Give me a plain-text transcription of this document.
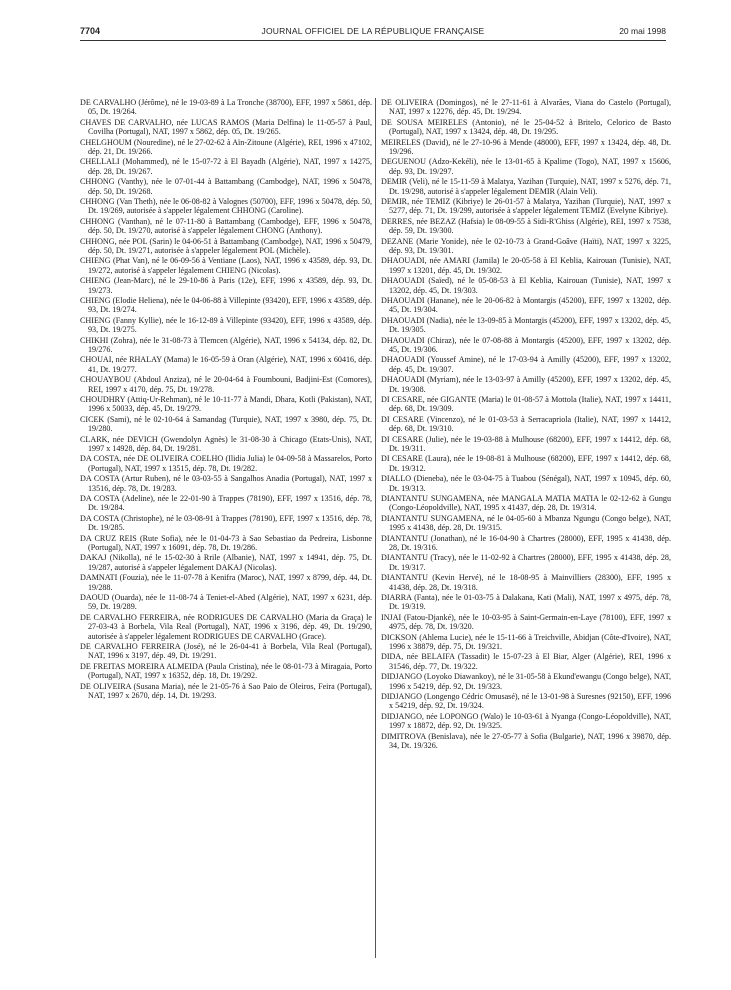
7704	JOURNAL OFFICIEL DE LA RÉPUBLIQUE FRANÇAISE	20 mai 1998

DE CARVALHO (Jérôme), né le 19-03-89 à La Tronche (38700), EFF, 1997 x 5861, dép. 05, Dt. 19/264.

CHAVES DE CARVALHO, née LUCAS RAMOS (Maria Delfina) le 11-05-57 à Paul, Covilha (Portugal), NAT, 1997 x 5862, dép. 05, Dt. 19/265.

CHELGHOUM (Nouredine), né le 27-02-62 à Aïn-Zitoune (Algérie), REI, 1996 x 47102, dép. 21, Dt. 19/266.

CHELLALI (Mohammed), né le 15-07-72 à El Bayadh (Algérie), NAT, 1997 x 14275, dép. 28, Dt. 19/267.

CHHONG (Vanthy), née le 07-01-44 à Battambang (Cambodge), NAT, 1996 x 50478, dép. 50, Dt. 19/268.

CHHONG (Van Theth), née le 06-08-82 à Valognes (50700), EFF, 1996 x 50478, dép. 50, Dt. 19/269, autorisée à s'appeler légalement CHHONG (Caroline).

CHHONG (Vanthan), né le 07-11-80 à Battambang (Cambodge), EFF, 1996 x 50478, dép. 50, Dt. 19/270, autorisé à s'appeler légalement CHONG (Anthony).

CHHONG, née POL (Sarin) le 04-06-51 à Battambang (Cambodge), NAT, 1996 x 50479, dép. 50, Dt. 19/271, autorisée à s'appeler légalement POL (Michèle).

CHIENG (Phat Van), né le 06-09-56 à Ventiane (Laos), NAT, 1996 x 43589, dép. 93, Dt. 19/272, autorisé à s'appeler légalement CHIENG (Nicolas).

CHIENG (Jean-Marc), né le 29-10-86 à Paris (12e), EFF, 1996 x 43589, dép. 93, Dt. 19/273.

CHIENG (Elodie Heliena), née le 04-06-88 à Villepinte (93420), EFF, 1996 x 43589, dép. 93, Dt. 19/274.

CHIENG (Fanny Kyllie), née le 16-12-89 à Villepinte (93420), EFF, 1996 x 43589, dép. 93, Dt. 19/275.

CHIKHI (Zohra), née le 31-08-73 à Tlemcen (Algérie), NAT, 1996 x 54134, dép. 82, Dt. 19/276.

CHOUAI, née RHALAY (Mama) le 16-05-59 à Oran (Algérie), NAT, 1996 x 60416, dép. 41, Dt. 19/277.

CHOUAYBOU (Abdoul Anziza), né le 20-04-64 à Foumbouni, Badjini-Est (Comores), REI, 1997 x 4170, dép. 75, Dt. 19/278.

CHOUDHRY (Attiq-Ur-Rehman), né le 10-11-77 à Mandi, Dhara, Kotli (Pakistan), NAT, 1996 x 50033, dép. 45, Dt. 19/279.

CICEK (Sami), né le 02-10-64 à Samandag (Turquie), NAT, 1997 x 3980, dép. 75, Dt. 19/280.

CLARK, née DEVICH (Gwendolyn Agnès) le 31-08-30 à Chicago (Etats-Unis), NAT, 1997 x 14928, dép. 84, Dt. 19/281.

DA COSTA, née DE OLIVEIRA COELHO (Ilidia Julia) le 04-09-58 à Massarelos, Porto (Portugal), NAT, 1997 x 13515, dép. 78, Dt. 19/282.

DA COSTA (Artur Ruben), né le 03-03-55 à Sangalhos Anadia (Portugal), NAT, 1997 x 13516, dép. 78, Dt. 19/283.

DA COSTA (Adeline), née le 22-01-90 à Trappes (78190), EFF, 1997 x 13516, dép. 78, Dt. 19/284.

DA COSTA (Christophe), né le 03-08-91 à Trappes (78190), EFF, 1997 x 13516, dép. 78, Dt. 19/285.

DA CRUZ REIS (Rute Sofia), née le 01-04-73 à Sao Sebastiao da Pedreira, Lisbonne (Portugal), NAT, 1997 x 16091, dép. 78, Dt. 19/286.

DAKAJ (Nikolla), né le 15-02-30 à Rrile (Albanie), NAT, 1997 x 14941, dép. 75, Dt. 19/287, autorisé à s'appeler légalement DAKAJ (Nicolas).

DAMNATI (Fouzia), née le 11-07-78 à Kenifra (Maroc), NAT, 1997 x 8799, dép. 44, Dt. 19/288.

DAOUD (Ouarda), née le 11-08-74 à Teniet-el-Abed (Algérie), NAT, 1997 x 6231, dép. 59, Dt. 19/289.

DE CARVALHO FERREIRA, née RODRIGUES DE CARVALHO (Maria da Graça) le 27-03-43 à Borbela, Vila Real (Portugal), NAT, 1996 x 3196, dép. 49, Dt. 19/290, autorisée à s'appeler légalement RODRIGUES DE CARVALHO (Grace).

DE CARVALHO FERREIRA (José), né le 26-04-41 à Borbela, Vila Real (Portugal), NAT, 1996 x 3197, dép. 49, Dt. 19/291.

DE FREITAS MOREIRA ALMEIDA (Paula Cristina), née le 08-01-73 à Miragaia, Porto (Portugal), NAT, 1997 x 16352, dép. 18, Dt. 19/292.

DE OLIVEIRA (Susana Maria), née le 21-05-76 à Sao Paio de Oleiros, Feira (Portugal), NAT, 1997 x 2670, dép. 14, Dt. 19/293.

DE OLIVEIRA (Domingos), né le 27-11-61 à Alvarães, Viana do Castelo (Portugal), NAT, 1997 x 12276, dép. 45, Dt. 19/294.

DE SOUSA MEIRELES (Antonio), né le 25-04-52 à Britelo, Celorico de Basto (Portugal), NAT, 1997 x 13424, dép. 48, Dt. 19/295.

MEIRELES (David), né le 27-10-96 à Mende (48000), EFF, 1997 x 13424, dép. 48, Dt. 19/296.

DEGUENOU (Adzo-Kekéli), née le 13-01-65 à Kpalime (Togo), NAT, 1997 x 15606, dép. 93, Dt. 19/297.

DEMIR (Veli), né le 15-11-59 à Malatya, Yazihan (Turquie), NAT, 1997 x 5276, dép. 71, Dt. 19/298, autorisé à s'appeler légalement DEMIR (Alain Veli).

DEMIR, née TEMIZ (Kibriye) le 26-01-57 à Malatya, Yazihan (Turquie), NAT, 1997 x 5277, dép. 71, Dt. 19/299, autorisée à s'appeler légalement TEMIZ (Evelyne Kibriye).

DERRES, née BEZAZ (Hafsia) le 08-09-55 à Sidi-R'Ghiss (Algérie), REI, 1997 x 7538, dép. 59, Dt. 19/300.

DEZANE (Marie Yonide), née le 02-10-73 à Grand-Goâve (Haïti), NAT, 1997 x 3225, dép. 93, Dt. 19/301.

DHAOUADI, née AMARI (Jamila) le 20-05-58 à El Keblia, Kairouan (Tunisie), NAT, 1997 x 13201, dép. 45, Dt. 19/302.

DHAOUADI (Saïed), né le 05-08-53 à El Keblia, Kairouan (Tunisie), NAT, 1997 x 13202, dép. 45, Dt. 19/303.

DHAOUADI (Hanane), née le 20-06-82 à Montargis (45200), EFF, 1997 x 13202, dép. 45, Dt. 19/304.

DHAOUADI (Nadia), née le 13-09-85 à Montargis (45200), EFF, 1997 x 13202, dép. 45, Dt. 19/305.

DHAOUADI (Chiraz), née le 07-08-88 à Montargis (45200), EFF, 1997 x 13202, dép. 45, Dt. 19/306.

DHAOUADI (Youssef Amine), né le 17-03-94 à Amilly (45200), EFF, 1997 x 13202, dép. 45, Dt. 19/307.

DHAOUADI (Myriam), née le 13-03-97 à Amilly (45200), EFF, 1997 x 13202, dép. 45, Dt. 19/308.

DI CESARE, née GIGANTE (Maria) le 01-08-57 à Mottola (Italie), NAT, 1997 x 14411, dép. 68, Dt. 19/309.

DI CESARE (Vincenzo), né le 01-03-53 à Serracapriola (Italie), NAT, 1997 x 14412, dép. 68, Dt. 19/310.

DI CESARE (Julie), née le 19-03-88 à Mulhouse (68200), EFF, 1997 x 14412, dép. 68, Dt. 19/311.

DI CESARE (Laura), née le 19-08-81 à Mulhouse (68200), EFF, 1997 x 14412, dép. 68, Dt. 19/312.

DIALLO (Dieneba), née le 03-04-75 à Tuabou (Sénégal), NAT, 1997 x 10945, dép. 60, Dt. 19/313.

DIANTANTU SUNGAMENA, née MANGALA MATIA MATIA le 02-12-62 à Gungu (Congo-Léopoldville), NAT, 1995 x 41437, dép. 28, Dt. 19/314.

DIANTANTU SUNGAMENA, né le 04-05-60 à Mbanza Ngungu (Congo belge), NAT, 1995 x 41438, dép. 28, Dt. 19/315.

DIANTANTU (Jonathan), né le 16-04-90 à Chartres (28000), EFF, 1995 x 41438, dép. 28, Dt. 19/316.

DIANTANTU (Tracy), née le 11-02-92 à Chartres (28000), EFF, 1995 x 41438, dép. 28, Dt. 19/317.

DIANTANTU (Kevin Hervé), né le 18-08-95 à Mainvilliers (28300), EFF, 1995 x 41438, dép. 28, Dt. 19/318.

DIARRA (Fanta), née le 01-03-75 à Dalakana, Kati (Mali), NAT, 1997 x 4975, dép. 78, Dt. 19/319.

INJAI (Fatou-Djanké), née le 10-03-95 à Saint-Germain-en-Laye (78100), EFF, 1997 x 4975, dép. 78, Dt. 19/320.

DICKSON (Ahlema Lucie), née le 15-11-66 à Treichville, Abidjan (Côte-d'Ivoire), NAT, 1996 x 38879, dép. 75, Dt. 19/321.

DIDA, née BELAIFA (Tassadit) le 15-07-23 à El Biar, Alger (Algérie), REI, 1996 x 31546, dép. 77, Dt. 19/322.

DIDJANGO (Loyoko Diawankoy), né le 31-05-58 à Ekund'ewangu (Congo belge), NAT, 1996 x 54219, dép. 92, Dt. 19/323.

DIDJANGO (Longengo Cédric Omusasé), né le 13-01-98 à Suresnes (92150), EFF, 1996 x 54219, dép. 92, Dt. 19/324.

DIDJANGO, née LOPONGO (Walo) le 10-03-61 à Nyanga (Congo-Léopoldville), NAT, 1997 x 18872, dép. 92, Dt. 19/325.

DIMITROVA (Benislava), née le 27-05-77 à Sofia (Bulgarie), NAT, 1996 x 39870, dép. 34, Dt. 19/326.
